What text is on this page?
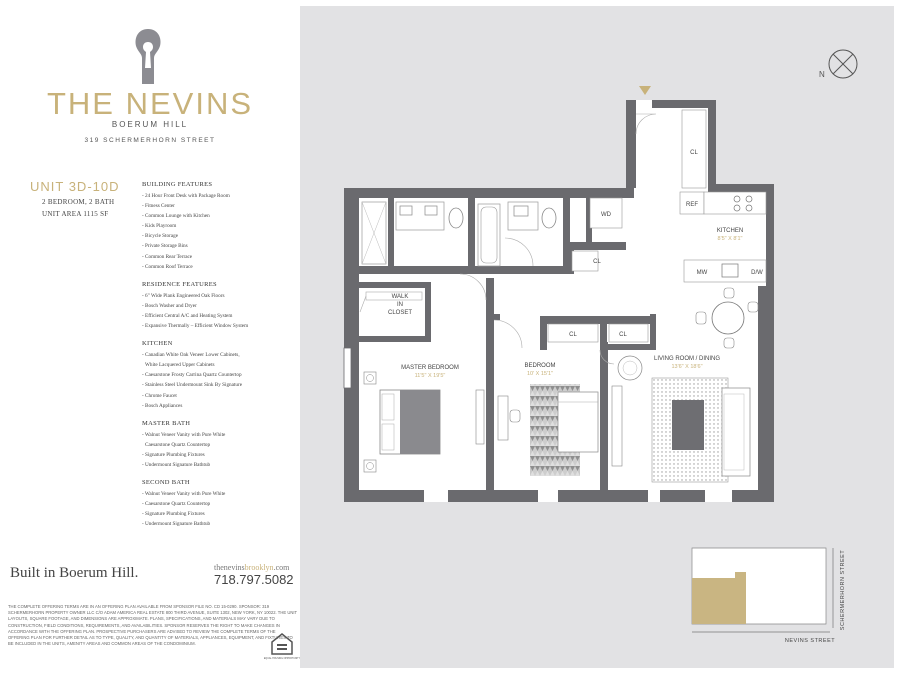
THE NEVINS
BOERUM HILL
319 SCHERMERHORN STREET
UNIT 3D-10D
2 BEDROOM, 2 BATH
UNIT AREA 1115 SF
BUILDING FEATURES
- 24 Hour Front Desk with Package Room
- Fitness Center
- Common Lounge with Kitchen
- Kids Playroom
- Bicycle Storage
- Private Storage Bins
- Common Rear Terrace
- Common Roof Terrace
RESIDENCE FEATURES
- 6" Wide Plank Engineered Oak Floors
- Bosch Washer and Dryer
- Efficient Central A/C and Heating System
- Expansive Thermally – Efficient Window System
KITCHEN
- Canadian White Oak Veneer Lower Cabinets,
White Lacquered Upper Cabinets
- Caesarstone Frosty Carrina Quartz Countertop
- Stainless Steel Undermount Sink By Signature
- Chrome Faucet
- Bosch Appliances
MASTER BATH
- Walnut Veneer Vanity with Pure White
Caesarstone Quartz Countertop
- Signature Plumbing Fixtures
- Undermount Signature Bathtub
SECOND BATH
- Walnut Veneer Vanity with Pure White
- Caesarstone Quartz Countertop
- Signature Plumbing Fixtures
- Undermount Signature Bathtub
Built in Boerum Hill.	thenevinsbrooklyn.com
718.797.5082
THE COMPLETE OFFERING TERMS ARE IN AN OFFERING PLAN AVAILABLE FROM SPONSOR FILE NO. CD 15-0290. SPONSOR: 319 SCHERMERHORN PROPERTY OWNER LLC C/O ADAM AMERICA REAL ESTATE 800 THIRD AVENUE, SUITE 1302, NEW YORK, NY 10022. THE UNIT LAYOUTS, SQUARE FOOTAGE, AND DIMENSIONS ARE APPROXIMATE. PLANS, SPECIFICATIONS, AND MATERIALS MAY VARY DUE TO CONSTRUCTION, FIELD CONDITIONS, REQUIREMENTS, AND AVAILABILITIES. SPONSOR RESERVES THE RIGHT TO MAKE CHANGES IN ACCORDANCE WITH THE OFFERING PLAN. PROSPECTIVE PURCHASERS ARE ADVISED TO REVIEW THE COMPLETE TERMS OF THE OFFERING PLAN FOR FURTHER DETAIL AS TO TYPE, QUALITY, AND QUANTITY OF MATERIALS, APPLIANCES, EQUIPMENT, AND FIXTURES TO BE INCLUDED IN THE UNITS, AMENITY AREAS AND COMMON AREAS OF THE CONDOMINIUM.
EQUAL HOUSING OPPORTUNITY
N
WALK
IN
CLOSET
CL
CL
CL	CL
WD
REF
KITCHEN
8'5" X 8'1"
MW	D/W
LIVING ROOM / DINING
13'6" X 18'6"
BEDROOM
10' X 15'1"
MASTER BEDROOM
11'5" X 19'5"
NEVINS STREET
SCHERMERHORN STREET
